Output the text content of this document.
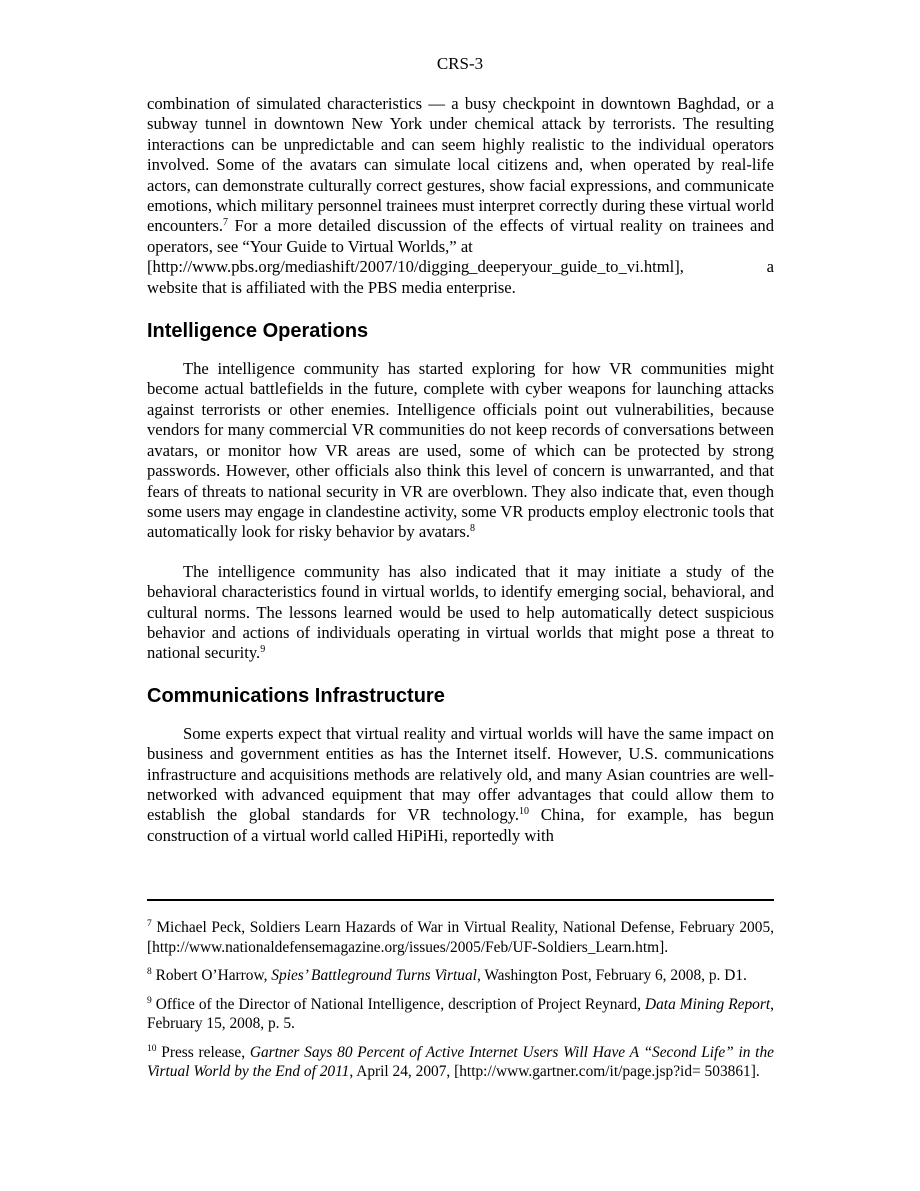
CRS-3

combination of simulated characteristics — a busy checkpoint in downtown Baghdad, or a subway tunnel in downtown New York under chemical attack by terrorists. The resulting interactions can be unpredictable and can seem highly realistic to the individual operators involved. Some of the avatars can simulate local citizens and, when operated by real-life actors, can demonstrate culturally correct gestures, show facial expressions, and communicate emotions, which military personnel trainees must interpret correctly during these virtual world encounters.$^7$ For a more detailed discussion of the effects of virtual reality on trainees and operators, see “Your Guide to Virtual Worlds,” at
[http://www.pbs.org/mediashift/2007/10/digging_deeperyour_guide_to_vi.html], a
website that is affiliated with the PBS media enterprise.

Intelligence Operations

The intelligence community has started exploring for how VR communities might become actual battlefields in the future, complete with cyber weapons for launching attacks against terrorists or other enemies. Intelligence officials point out vulnerabilities, because vendors for many commercial VR communities do not keep records of conversations between avatars, or monitor how VR areas are used, some of which can be protected by strong passwords. However, other officials also think this level of concern is unwarranted, and that fears of threats to national security in VR are overblown. They also indicate that, even though some users may engage in clandestine activity, some VR products employ electronic tools that automatically look for risky behavior by avatars.$^8$

The intelligence community has also indicated that it may initiate a study of the behavioral characteristics found in virtual worlds, to identify emerging social, behavioral, and cultural norms. The lessons learned would be used to help automatically detect suspicious behavior and actions of individuals operating in virtual worlds that might pose a threat to national security.$^9$

Communications Infrastructure

Some experts expect that virtual reality and virtual worlds will have the same impact on business and government entities as has the Internet itself. However, U.S. communications infrastructure and acquisitions methods are relatively old, and many Asian countries are well-networked with advanced equipment that may offer advantages that could allow them to establish the global standards for VR technology.$^{10}$ China, for example, has begun construction of a virtual world called HiPiHi, reportedly with

$^7$ Michael Peck, Soldiers Learn Hazards of War in Virtual Reality, National Defense, February 2005, [http://www.nationaldefensemagazine.org/issues/2005/Feb/UF-Soldiers_Learn.htm].

$^8$ Robert O’Harrow, Spies’ Battleground Turns Virtual, Washington Post, February 6, 2008, p. D1.

$^9$ Office of the Director of National Intelligence, description of Project Reynard, Data Mining Report, February 15, 2008, p. 5.

$^{10}$ Press release, Gartner Says 80 Percent of Active Internet Users Will Have A “Second Life” in the Virtual World by the End of 2011, April 24, 2007, [http://www.gartner.com/it/page.jsp?id= 503861].
